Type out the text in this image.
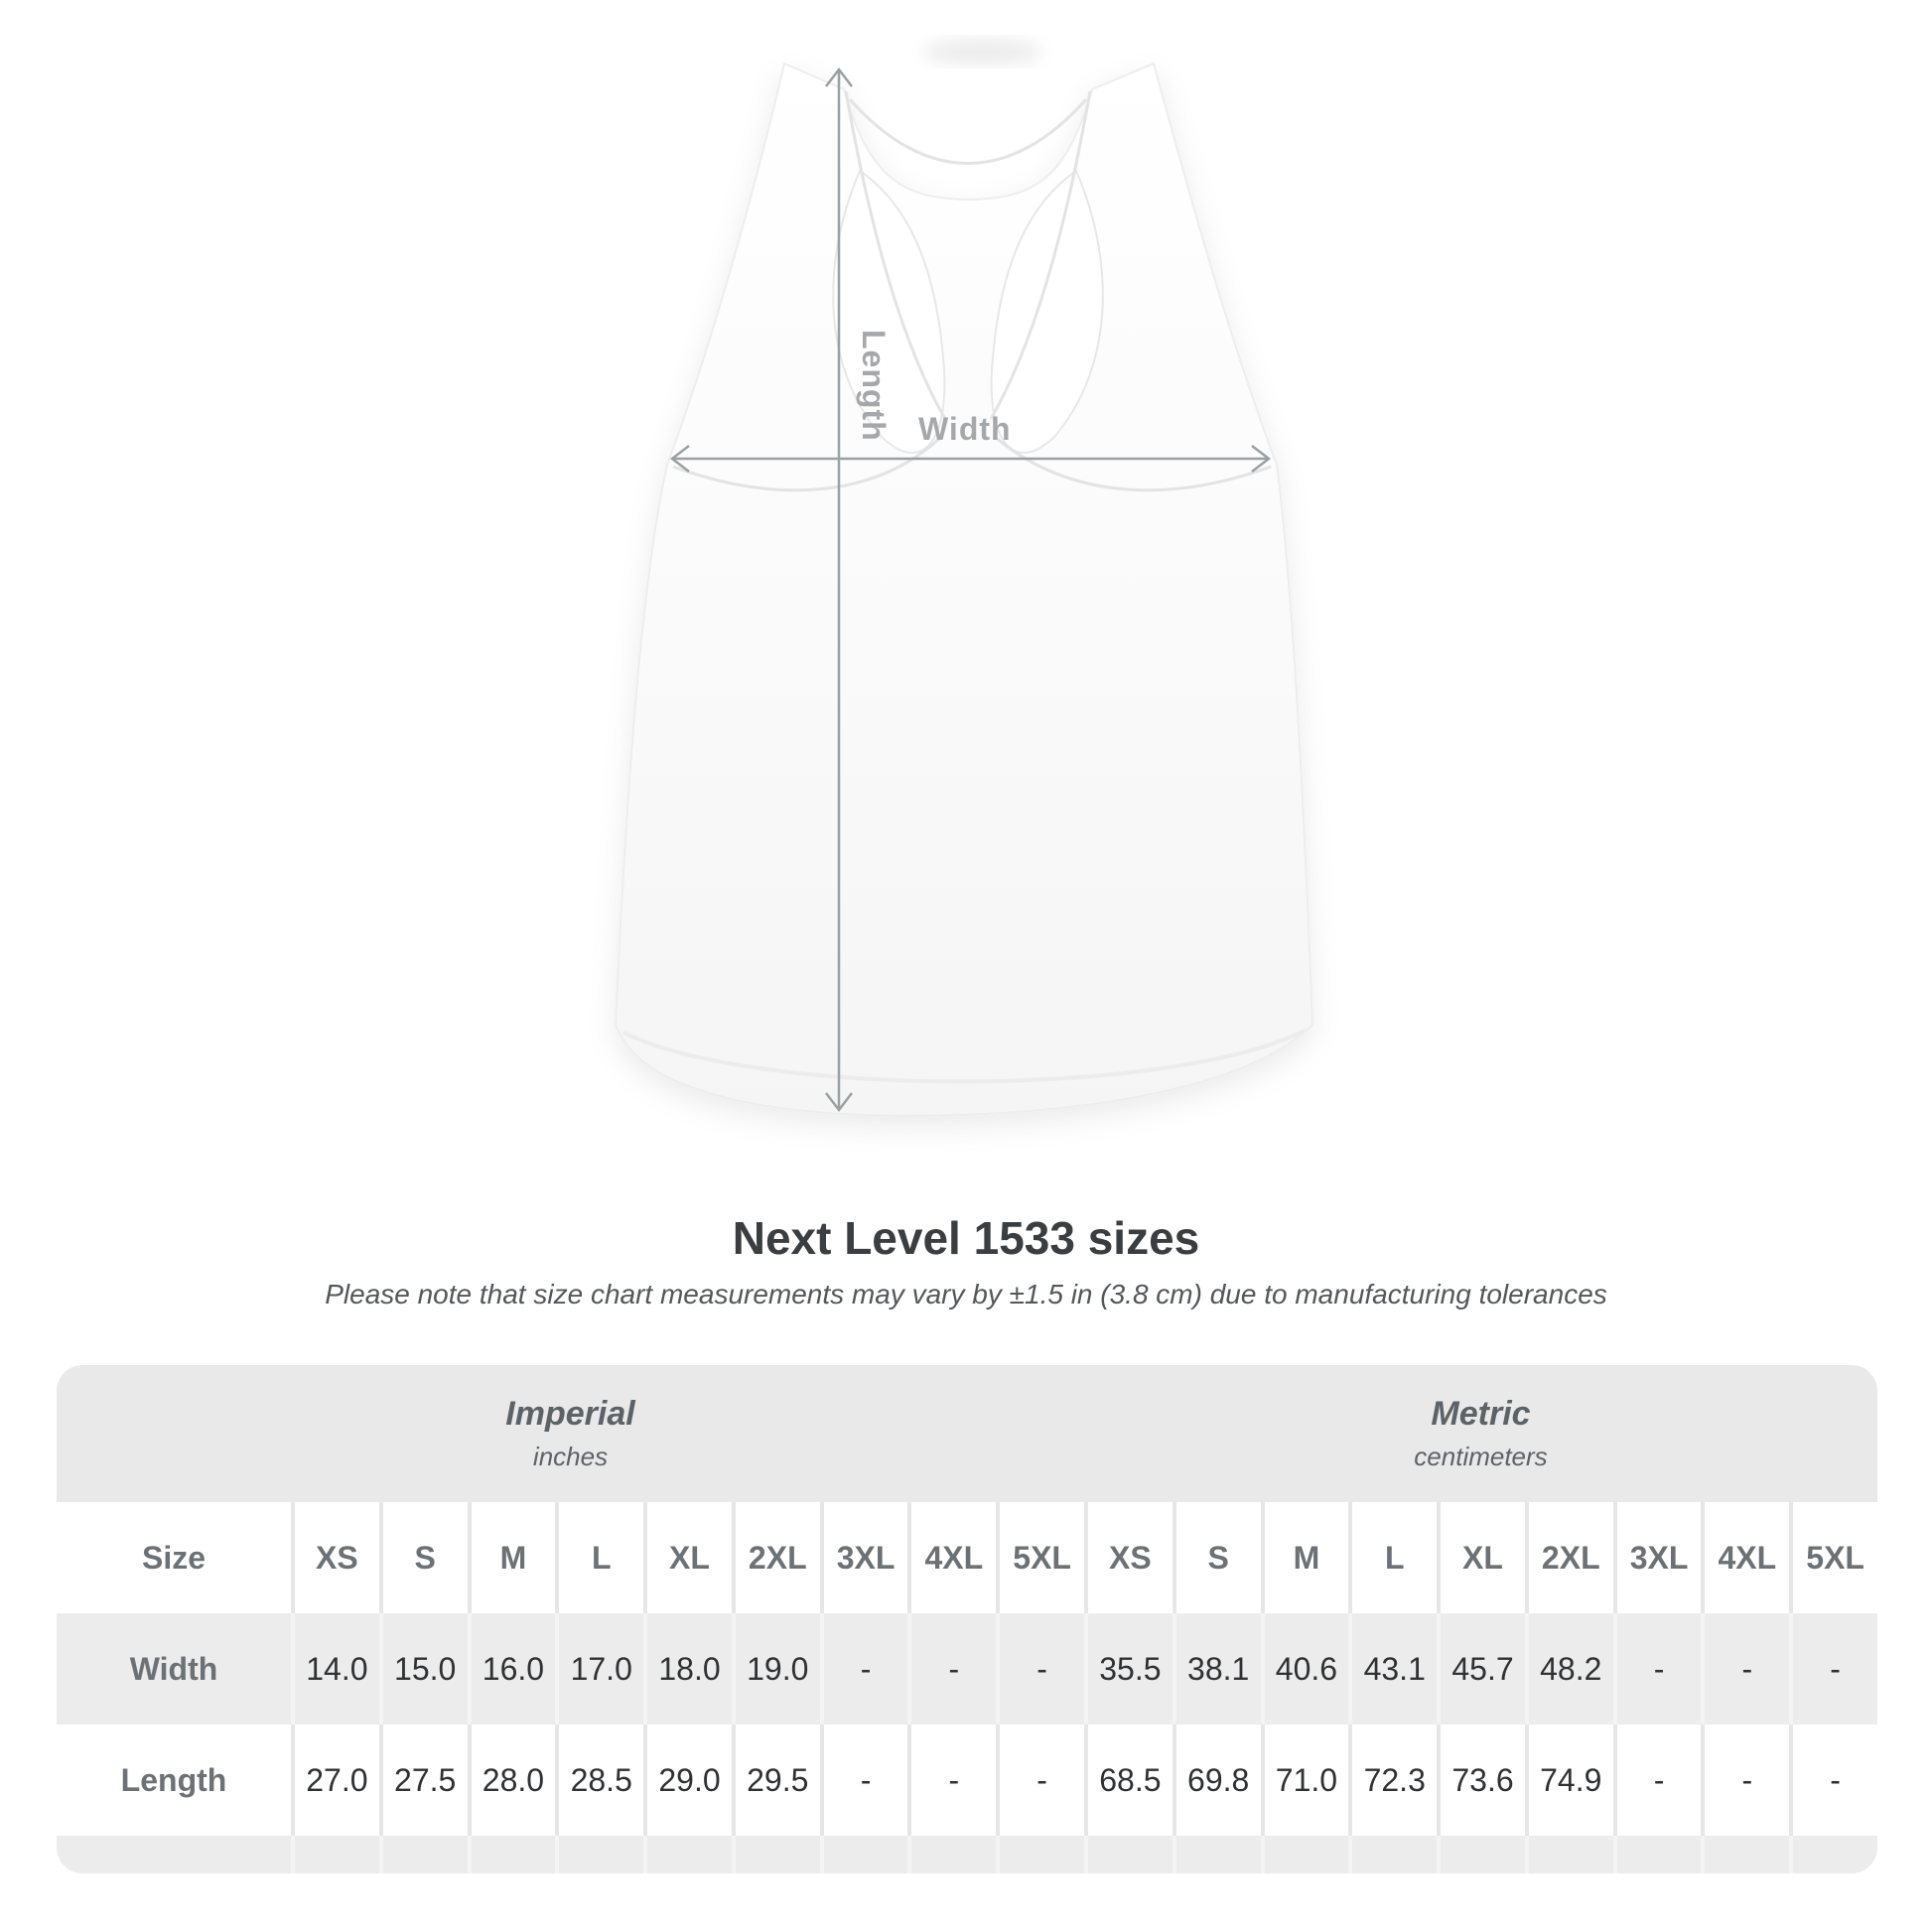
Length Width
Next Level 1533 sizes
Please note that size chart measurements may vary by ±1.5 in (3.8 cm) due to manufacturing tolerances
Imperial
inches
Metric
centimeters
Size	XS S M L XL 2XL 3XL 4XL 5XL XS S M L XL 2XL 3XL 4XL 5XL
Width	14.0 15.0 16.0 17.0 18.0 19.0 - - - 35.5 38.1 40.6 43.1 45.7 48.2 - - -
Length 27.0 27.5 28.0 28.5 29.0 29.5 - - - 68.5 69.8 71.0 72.3 73.6 74.9 - - -
